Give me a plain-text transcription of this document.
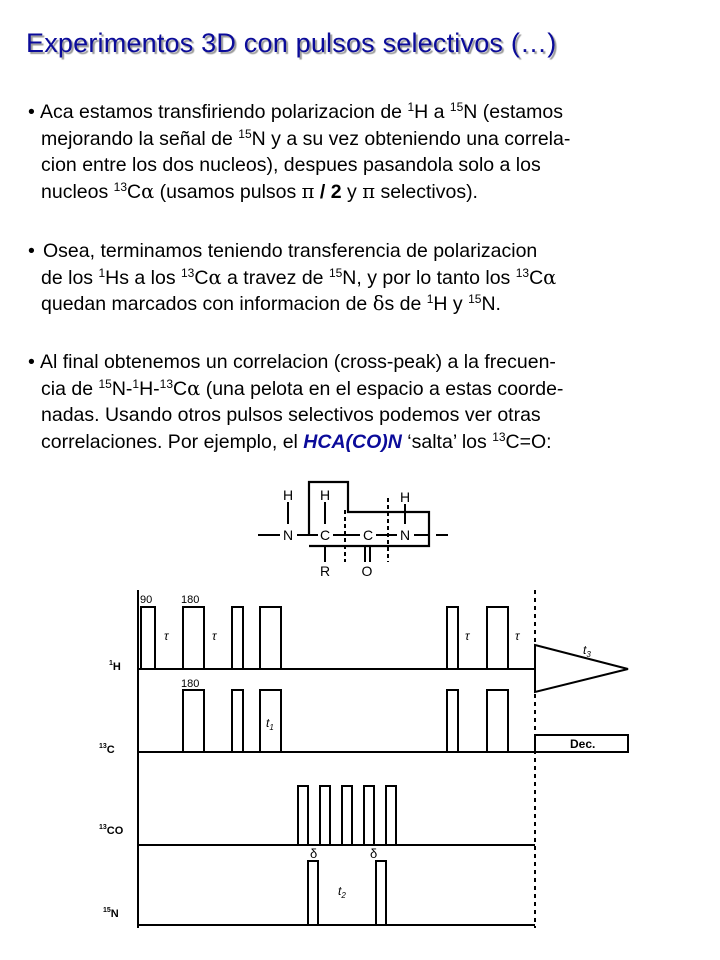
Experimentos 3D con pulsos selectivos (…)
• Aca estamos transfiriendo polarizacion de $^1$H a $^{15}$N (estamos
mejorando la señal de $^{15}$N y a su vez obteniendo una correla-
cion entre los dos nucleos), despues pasandola solo a los
nucleos $^{13}$Cα (usamos pulsos π / 2 y π selectivos).
• Osea, terminamos teniendo transferencia de polarizacion
de los $^1$Hs a los $^{13}$Cα a travez de $^{15}$N, y por lo tanto los $^{13}$Cα
quedan marcados con informacion de δs de $^1$H y $^{15}$N.
• Al final obtenemos un correlacion (cross-peak) a la frecuen-
cia de $^{15}$N-$^1$H-$^{13}$Cα (una pelota en el espacio a estas coorde-
nadas. Usando otros pulsos selectivos podemos ver otras
correlaciones. Por ejemplo, el HCA(CO)N ‘salta’ los $^{13}$C=O:
H H	H
N C C N
R O
90	180
180
τ	τ	τ	τ
$t_1$
$t_2$
$t_3$
δ	δ
Dec.
$^1$H
$^{13}$C
$^{13}$CO
$^{15}$N
